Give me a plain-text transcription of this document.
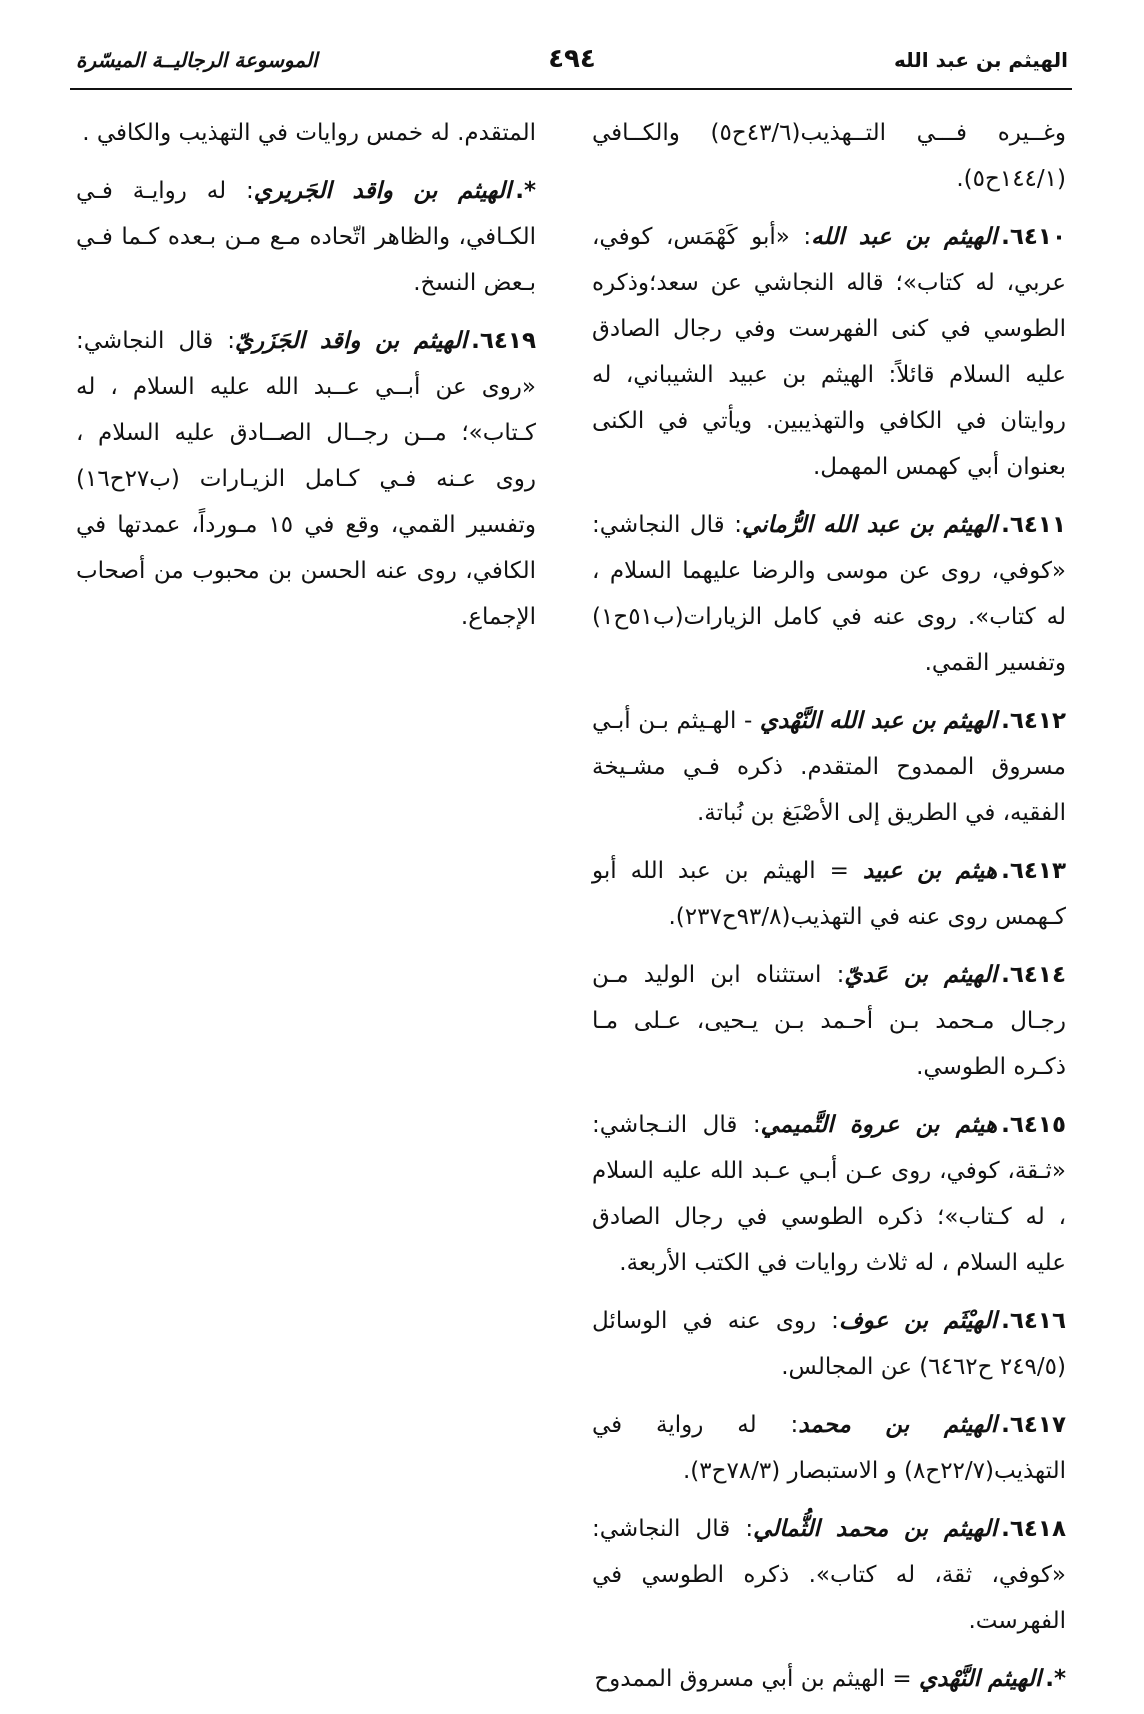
الهيثم بن عبد الله
٤٩٤
الموسوعة الرجاليــة الميسّرة

وغــيره فـــي التــهذيب(٤٣/٦ح٥) والكــافي (١٤٤/١ح٥).

٦٤١٠.الهيثم بن عبد الله: «أبو كَهْمَس، كوفي، عربي، له كتاب»؛ قاله النجاشي عن سعد؛وذكره الطوسي في كنى الفهرست وفي رجال الصادق عليه السلام قائلاً: الهيثم بن عبيد الشيباني، له روايتان في الكافي والتهذيبين. ويأتي في الكنى بعنوان أبي كهمس المهمل.

٦٤١١.الهيثم بن عبد الله الرُّماني: قال النجاشي: «كوفي، روى عن موسى والرضا عليهما السلام ، له كتاب». روى عنه في كامل الزيارات(ب٥١ح١) وتفسير القمي.

٦٤١٢.الهيثم بن عبد الله النَّهْدي - الهـيثم بـن أبـي مسروق الممدوح المتقدم. ذكره فـي مشـيخة الفقيه، في الطريق إلى الأصْبَغ بن نُباتة.

٦٤١٣.هيثم بن عبيد = الهيثم بن عبد الله أبو كـهمس روى عنه في التهذيب(٩٣/٨ح٢٣٧).

٦٤١٤.الهيثم بن عَديّ: استثناه ابن الوليد مـن رجـال مـحمد بـن أحـمد بـن يـحيى، عـلى مـا ذكـره الطوسي.

٦٤١٥.هيثم بن عروة التَّميمي: قال النـجاشي: «ثـقة، كوفي، روى عـن أبـي عـبد الله عليه السلام ، له كـتاب»؛ ذكره الطوسي في رجال الصادق عليه السلام ، له ثلاث روايات في الكتب الأربعة.

٦٤١٦.الهيْثَم بن عوف: روى عنه في الوسائل (٢٤٩/٥ ح٦٤٦٢) عن المجالس.

٦٤١٧.الهيثم بن محمد: له رواية في التهذيب(٢٢/٧ح٨) و الاستبصار (٧٨/٣ح٣).

٦٤١٨.الهيثم بن محمد الثُّمالي: قال النجاشي: «كوفي، ثقة، له كتاب». ذكره الطوسي في الفهرست.

*.الهيثم النَّهْدي = الهيثم بن أبي مسروق الممدوح

المتقدم. له خمس روايات في التهذيب والكافي .

*.الهيثم بن واقد الجَريري: له روايـة فـي الكـافي، والظاهر اتّحاده مـع مـن بـعده كـما فـي بـعض النسخ.

٦٤١٩.الهيثم بن واقد الجَزَريّ: قال النجاشي: «روى عن أبــي عــبد الله عليه السلام ، له كـتاب»؛ مــن رجــال الصــادق عليه السلام ، روى عـنه فـي كـامل الزيـارات (ب٢٧ح١٦) وتفسير القمي، وقع في ١٥ مـورداً، عمدتها في الكافي، روى عنه الحسن بن محبوب من أصحاب الإجماع.
